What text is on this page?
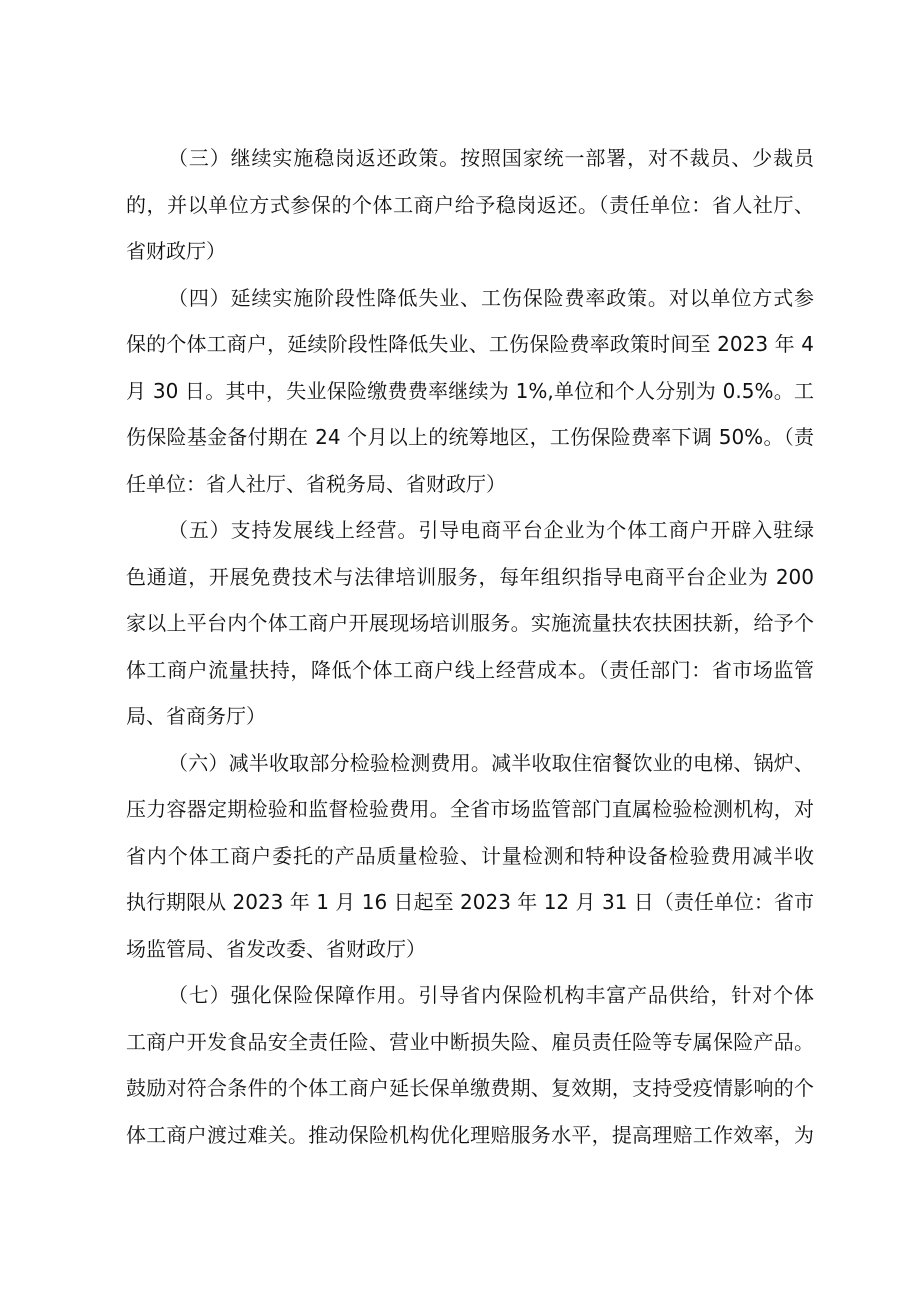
（三）继续实施稳岗返还政策。按照国家统一部署，对不裁员、少裁员
的，并以单位方式参保的个体工商户给予稳岗返还。（责任单位：省人社厅、
省财政厅）
（四）延续实施阶段性降低失业、工伤保险费率政策。对以单位方式参
保的个体工商户，延续阶段性降低失业、工伤保险费率政策时间至 2023 年 4
月 30 日。其中，失业保险缴费费率继续为 1%,单位和个人分别为 0.5%。工
伤保险基金备付期在 24 个月以上的统筹地区，工伤保险费率下调 50%。（责
任单位：省人社厅、省税务局、省财政厅）
（五）支持发展线上经营。引导电商平台企业为个体工商户开辟入驻绿
色通道，开展免费技术与法律培训服务，每年组织指导电商平台企业为 200
家以上平台内个体工商户开展现场培训服务。实施流量扶农扶困扶新，给予个
体工商户流量扶持，降低个体工商户线上经营成本。（责任部门：省市场监管
局、省商务厅）
（六）减半收取部分检验检测费用。减半收取住宿餐饮业的电梯、锅炉、
压力容器定期检验和监督检验费用。全省市场监管部门直属检验检测机构，对
省内个体工商户委托的产品质量检验、计量检测和特种设备检验费用减半收
执行期限从 2023 年 1 月 16 日起至 2023 年 12 月 31 日（责任单位：省市
场监管局、省发改委、省财政厅）
（七）强化保险保障作用。引导省内保险机构丰富产品供给，针对个体
工商户开发食品安全责任险、营业中断损失险、雇员责任险等专属保险产品。
鼓励对符合条件的个体工商户延长保单缴费期、复效期，支持受疫情影响的个
体工商户渡过难关。推动保险机构优化理赔服务水平，提高理赔工作效率，为
